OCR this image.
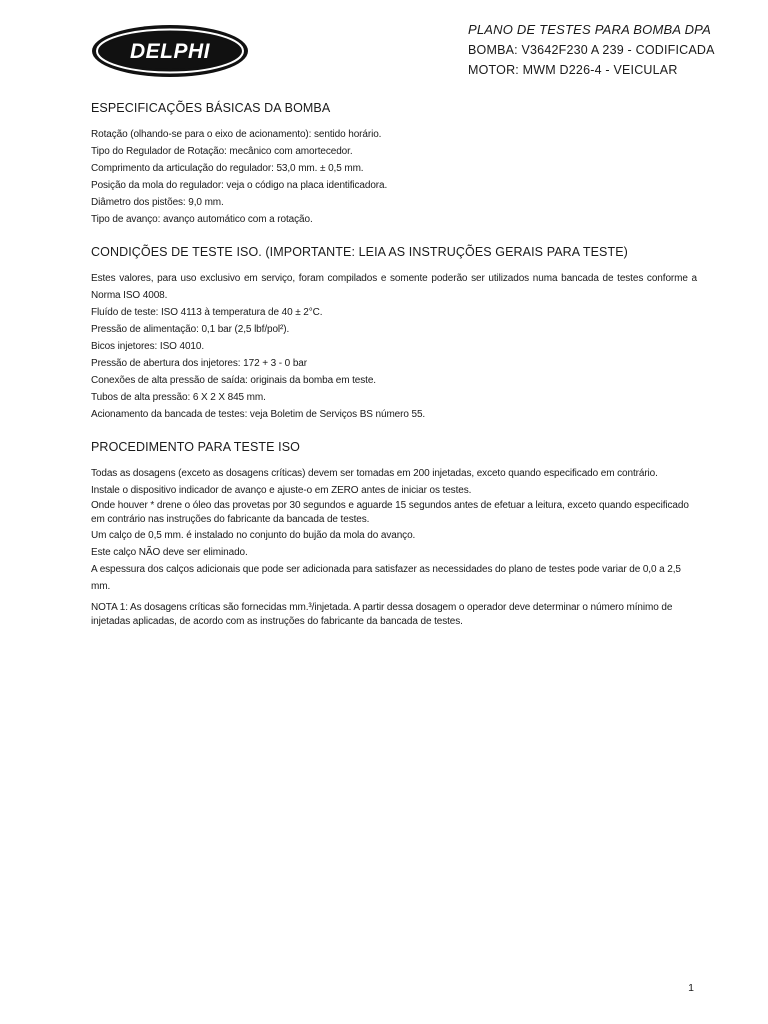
DELPHI
PLANO DE TESTES PARA BOMBA DPA
BOMBA: V3642F230 A 239 - CODIFICADA
MOTOR: MWM D226-4 - VEICULAR
ESPECIFICAÇÕES BÁSICAS DA BOMBA

Rotação (olhando-se para o eixo de acionamento): sentido horário.

Tipo do Regulador de Rotação: mecânico com amortecedor.

Comprimento da articulação do regulador: 53,0 mm. ± 0,5 mm.

Posição da mola do regulador: veja o código na placa identificadora.

Diâmetro dos pistões: 9,0 mm.

Tipo de avanço: avanço automático com a rotação.

CONDIÇÕES DE TESTE ISO. (IMPORTANTE: LEIA AS INSTRUÇÕES GERAIS PARA TESTE)

Estes valores, para uso exclusivo em serviço, foram compilados e somente poderão ser utilizados numa bancada de testes conforme a Norma ISO 4008.

Fluído de teste: ISO 4113 à temperatura de 40 ± 2°C.

Pressão de alimentação: 0,1 bar (2,5 lbf/pol²).

Bicos injetores: ISO 4010.

Pressão de abertura dos injetores: 172 + 3 - 0 bar

Conexões de alta pressão de saída: originais da bomba em teste.

Tubos de alta pressão: 6 X 2 X 845 mm.

Acionamento da bancada de testes: veja Boletim de Serviços BS número 55.

PROCEDIMENTO PARA TESTE ISO

Todas as dosagens (exceto as dosagens críticas) devem ser tomadas em 200 injetadas, exceto quando especificado em contrário.

Instale o dispositivo indicador de avanço e ajuste-o em ZERO antes de iniciar os testes.

Onde houver * drene o óleo das provetas por 30 segundos e aguarde 15 segundos antes de efetuar a leitura, exceto quando especificado em contrário nas instruções do fabricante da bancada de testes.

Um calço de 0,5 mm. é instalado no conjunto do bujão da mola do avanço.

Este calço NÃO deve ser eliminado.

A espessura dos calços adicionais que pode ser adicionada para satisfazer as necessidades do plano de testes pode variar de 0,0 a 2,5 mm.

NOTA 1: As dosagens críticas são fornecidas mm.³/injetada. A partir dessa dosagem o operador deve determinar o número mínimo de injetadas aplicadas, de acordo com as instruções do fabricante da bancada de testes.

1
